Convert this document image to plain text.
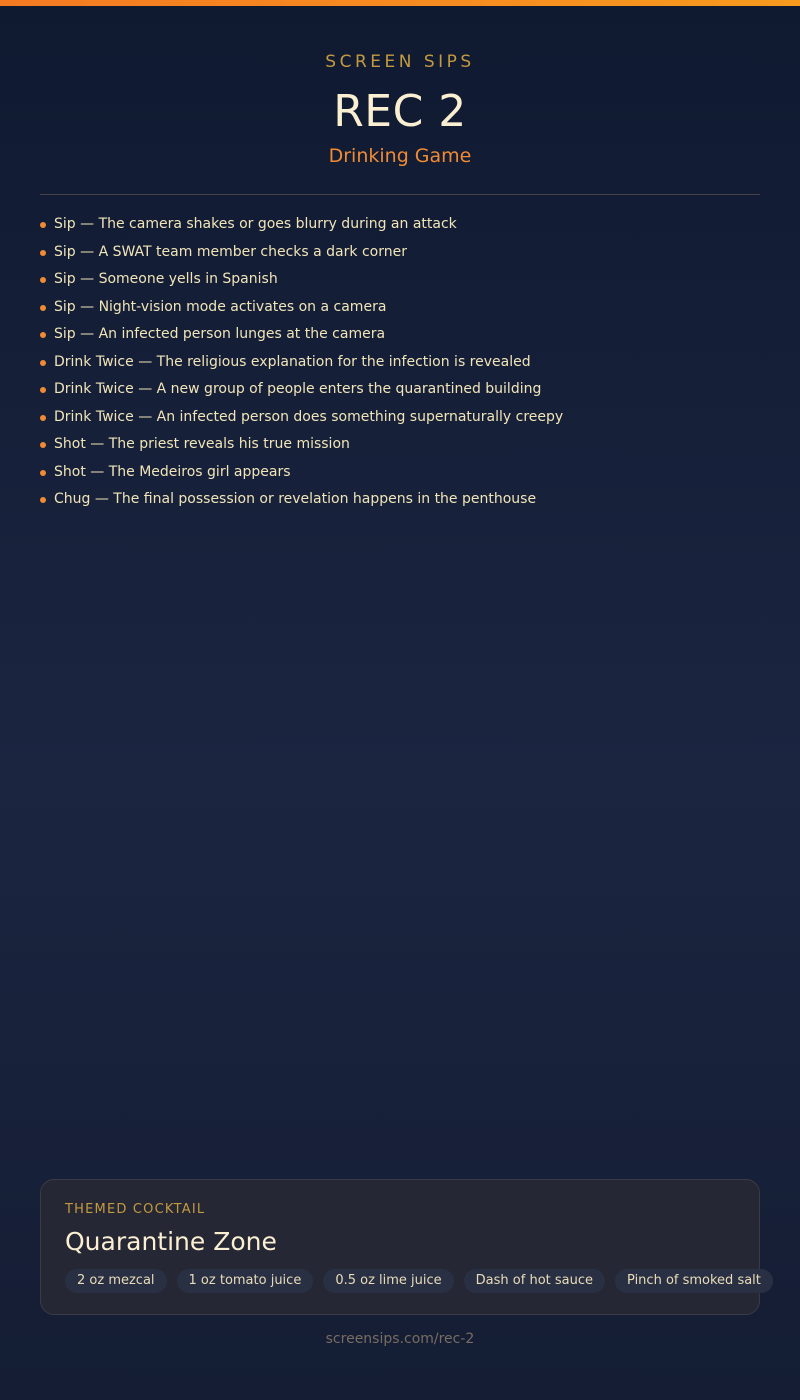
SCREEN SIPS
REC 2
Drinking Game
Sip — The camera shakes or goes blurry during an attack
Sip — A SWAT team member checks a dark corner
Sip — Someone yells in Spanish
Sip — Night-vision mode activates on a camera
Sip — An infected person lunges at the camera
Drink Twice — The religious explanation for the infection is revealed
Drink Twice — A new group of people enters the quarantined building
Drink Twice — An infected person does something supernaturally creepy
Shot — The priest reveals his true mission
Shot — The Medeiros girl appears
Chug — The final possession or revelation happens in the penthouse
THEMED COCKTAIL
Quarantine Zone
2 oz mezcal	1 oz tomato juice	0.5 oz lime juice	Dash of hot sauce	Pinch of smoked salt
screensips.com/rec-2
